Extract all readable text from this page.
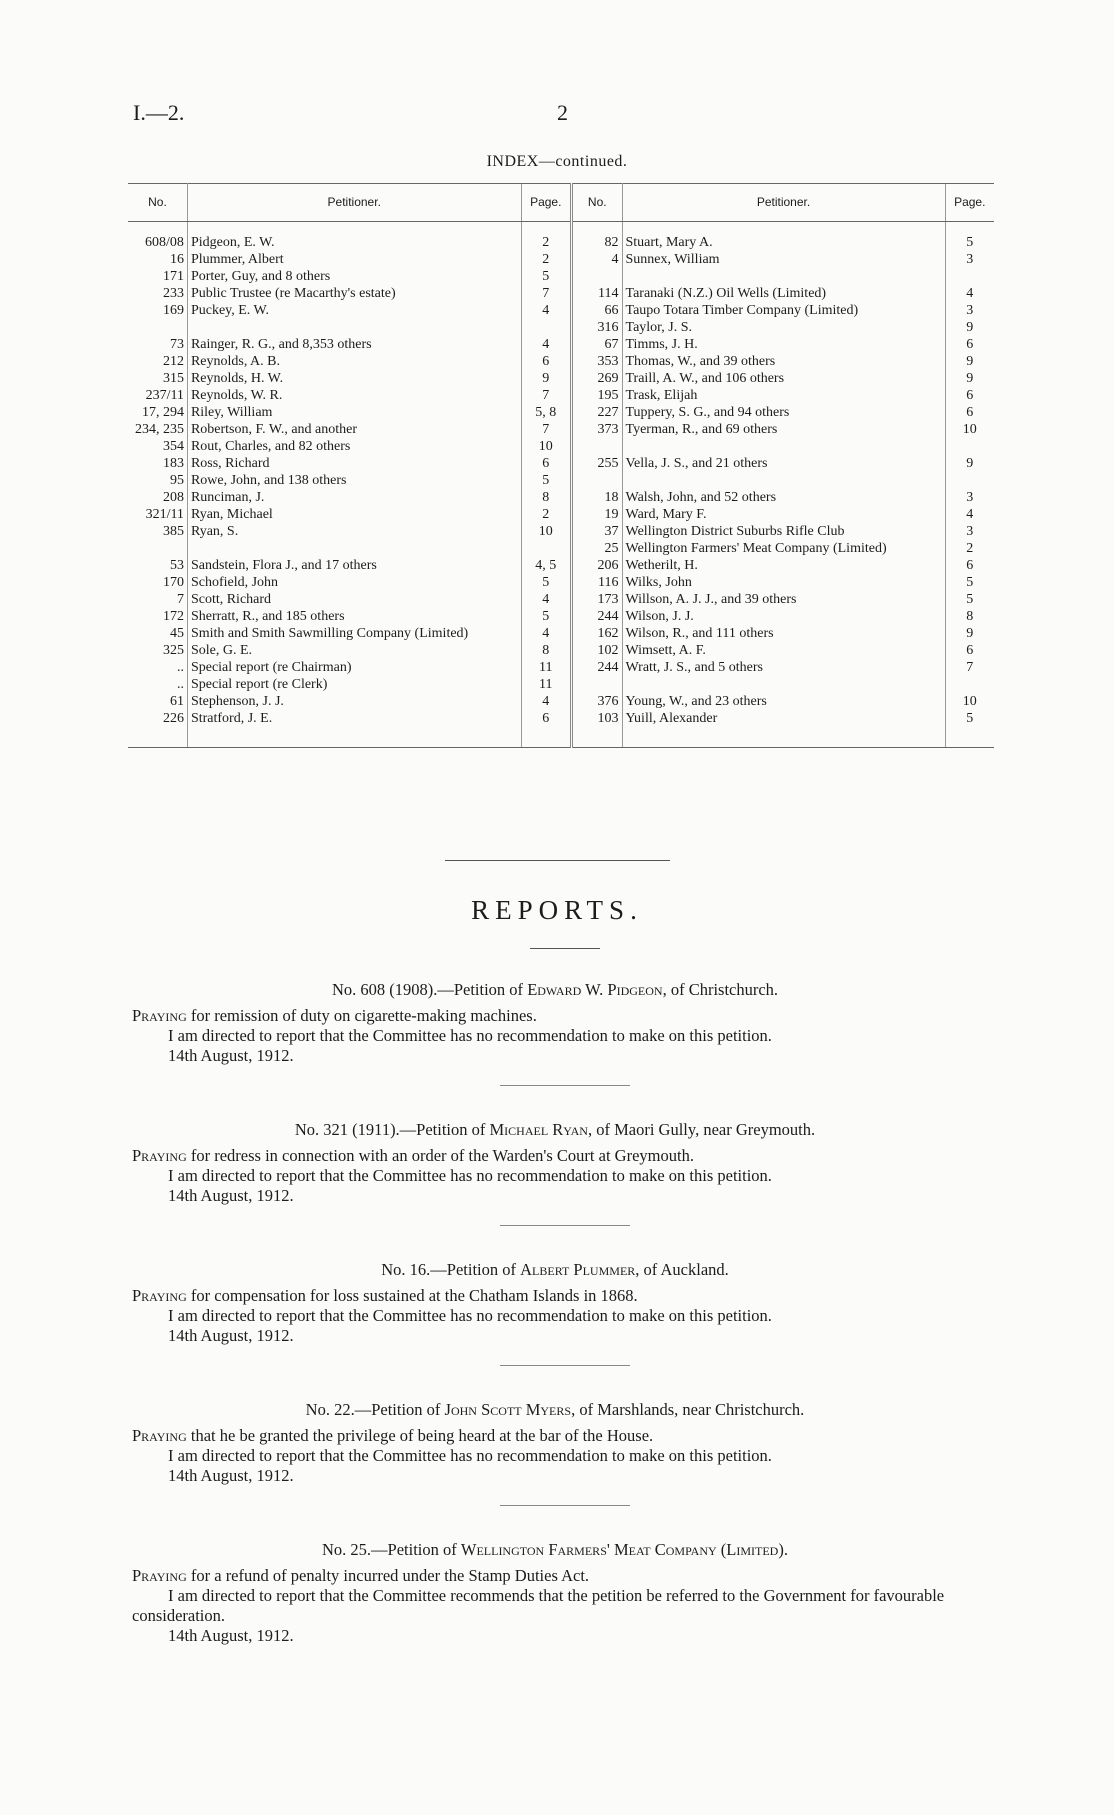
I.—2.	2
INDEX—continued.
No.	Petitioner.	Page.	No.	Petitioner.	Page.
608/08	Pidgeon, E. W.	2	82	Stuart, Mary A.	5
16	Plummer, Albert	2	4	Sunnex, William	3
171	Porter, Guy, and 8 others	5			
233	Public Trustee (re Macarthy's estate)	7	114	Taranaki (N.Z.) Oil Wells (Limited)	4
169	Puckey, E. W.	4	66	Taupo Totara Timber Company (Limited)	3
			316	Taylor, J. S.	9
73	Rainger, R. G., and 8,353 others	4	67	Timms, J. H.	6
212	Reynolds, A. B.	6	353	Thomas, W., and 39 others	9
315	Reynolds, H. W.	9	269	Traill, A. W., and 106 others	9
237/11	Reynolds, W. R.	7	195	Trask, Elijah	6
17, 294	Riley, William	5, 8	227	Tuppery, S. G., and 94 others	6
234, 235	Robertson, F. W., and another	7	373	Tyerman, R., and 69 others	10
354	Rout, Charles, and 82 others	10			
183	Ross, Richard	6	255	Vella, J. S., and 21 others	9
95	Rowe, John, and 138 others	5			
208	Runciman, J.	8	18	Walsh, John, and 52 others	3
321/11	Ryan, Michael	2	19	Ward, Mary F.	4
385	Ryan, S.	10	37	Wellington District Suburbs Rifle Club	3
			25	Wellington Farmers' Meat Company (Limited)	2
53	Sandstein, Flora J., and 17 others	4, 5	206	Wetherilt, H.	6
170	Schofield, John	5	116	Wilks, John	5
7	Scott, Richard	4	173	Willson, A. J. J., and 39 others	5
172	Sherratt, R., and 185 others	5	244	Wilson, J. J.	8
45	Smith and Smith Sawmilling Company (Limited)	4	162	Wilson, R., and 111 others	9
325	Sole, G. E.	8	102	Wimsett, A. F.	6
..	Special report (re Chairman)	11	244	Wratt, J. S., and 5 others	7
..	Special report (re Clerk)	11			
61	Stephenson, J. J.	4	376	Young, W., and 23 others	10
226	Stratford, J. E.	6	103	Yuill, Alexander	5
REPORTS.

No. 608 (1908).—Petition of Edward W. Pidgeon, of Christchurch.

Praying for remission of duty on cigarette-making machines.

I am directed to report that the Committee has no recommendation to make on this petition.

14th August, 1912.

No. 321 (1911).—Petition of Michael Ryan, of Maori Gully, near Greymouth.

Praying for redress in connection with an order of the Warden's Court at Greymouth.

I am directed to report that the Committee has no recommendation to make on this petition.

14th August, 1912.

No. 16.—Petition of Albert Plummer, of Auckland.

Praying for compensation for loss sustained at the Chatham Islands in 1868.

I am directed to report that the Committee has no recommendation to make on this petition.

14th August, 1912.

No. 22.—Petition of John Scott Myers, of Marshlands, near Christchurch.

Praying that he be granted the privilege of being heard at the bar of the House.

I am directed to report that the Committee has no recommendation to make on this petition.

14th August, 1912.

No. 25.—Petition of Wellington Farmers' Meat Company (Limited).

Praying for a refund of penalty incurred under the Stamp Duties Act.

I am directed to report that the Committee recommends that the petition be referred to the Government for favourable consideration.

14th August, 1912.
